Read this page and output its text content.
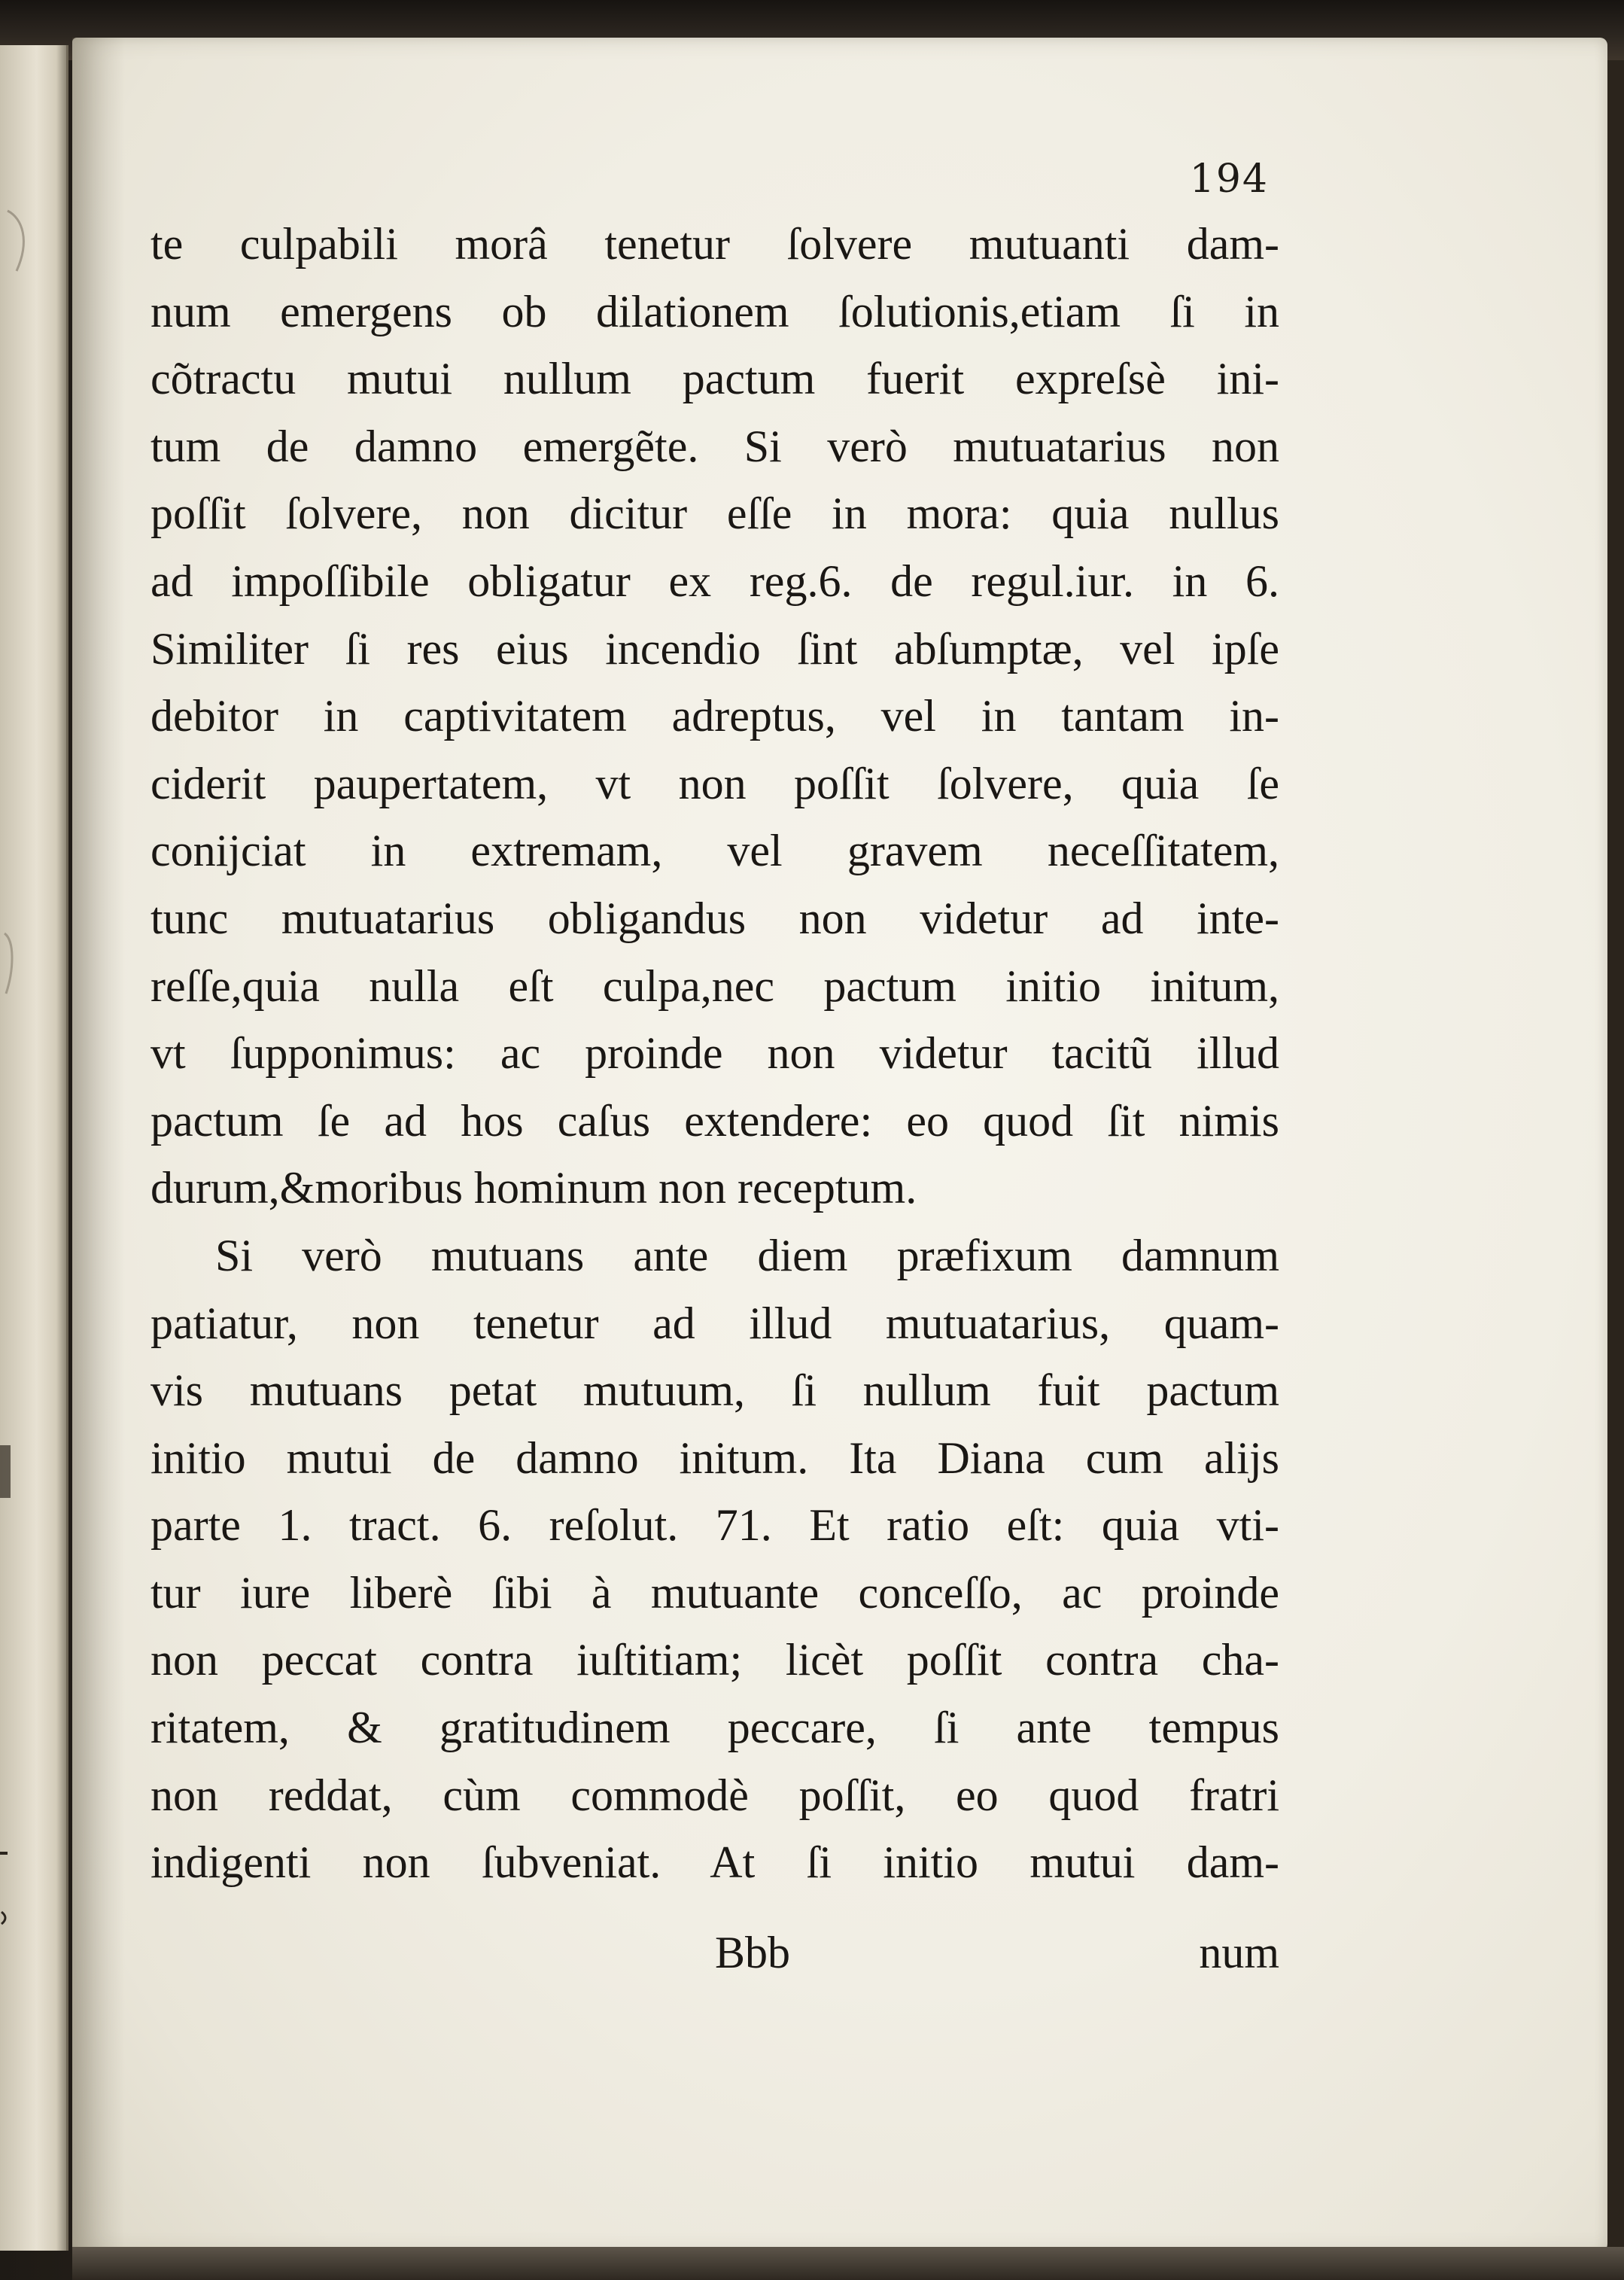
194
te culpabili morâ tenetur ſolvere mutuanti dam-
num emergens ob dilationem ſolutionis,etiam ſi in
cõtractu mutui nullum pactum fuerit expreſsè ini-
tum de damno emergẽte. Si verò mutuatarius non
poſſit ſolvere, non dicitur eſſe in mora: quia nullus
ad impoſſibile obligatur ex reg.6. de regul.iur. in 6.
Similiter ſi res eius incendio ſint abſumptæ, vel ipſe
debitor in captivitatem adreptus, vel in tantam in-
ciderit paupertatem, vt non poſſit ſolvere, quia ſe
conijciat in extremam, vel gravem neceſſitatem,
tunc mutuatarius obligandus non videtur ad inte-
reſſe,quia nulla eſt culpa,nec pactum initio initum,
vt ſupponimus: ac proinde non videtur tacitũ illud
pactum ſe ad hos caſus extendere: eo quod ſit nimis
durum,&moribus hominum non receptum.
Si verò mutuans ante diem præfixum damnum
patiatur, non tenetur ad illud mutuatarius, quam-
vis mutuans petat mutuum, ſi nullum fuit pactum
initio mutui de damno initum. Ita Diana cum alijs
parte 1. tract. 6. reſolut. 71. Et ratio eſt: quia vti-
tur iure liberè ſibi à mutuante conceſſo, ac proinde
non peccat contra iuſtitiam; licèt poſſit contra cha-
ritatem, & gratitudinem peccare, ſi ante tempus
non reddat, cùm commodè poſſit, eo quod fratri
indigenti non ſubveniat. At ſi initio mutui dam-
Bbb	num
